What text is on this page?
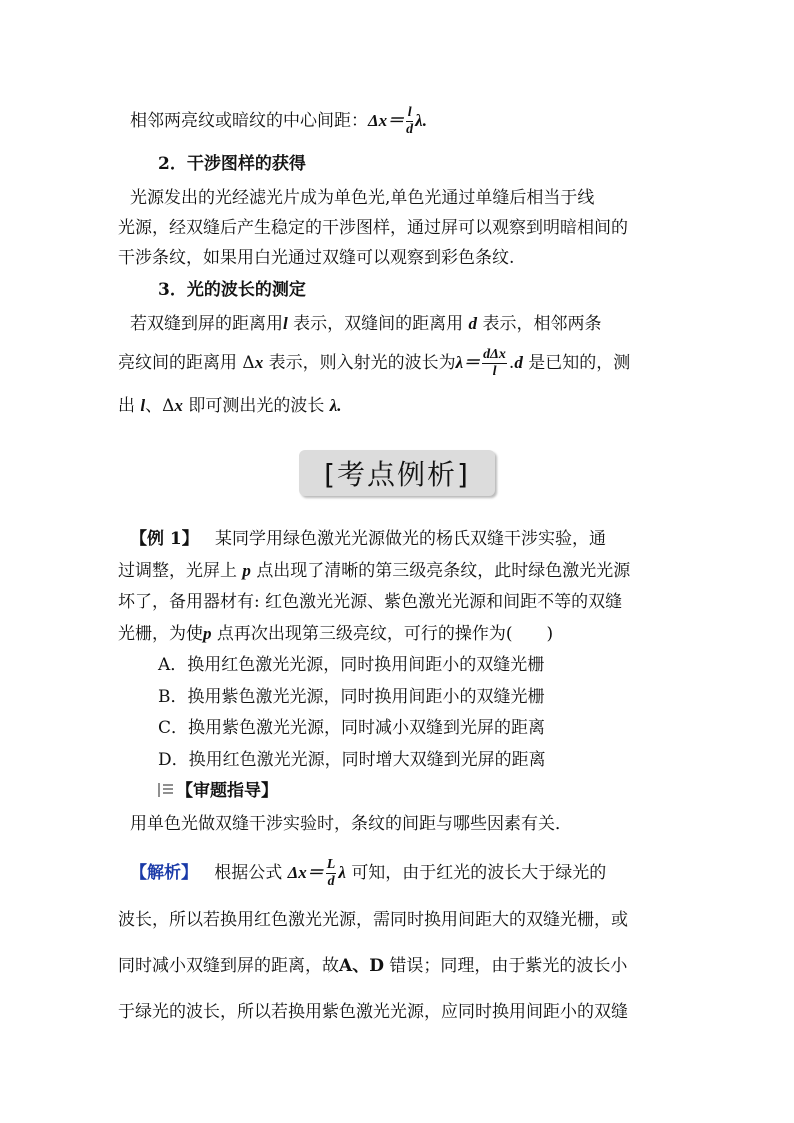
相邻两亮纹或暗纹的中心间距：$\Delta x= \frac{l}{d} \lambda$.
2．干涉图样的获得
光源发出的光经滤光片成为单色光,单色光通过单缝后相当于线
光源，经双缝后产生稳定的干涉图样，通过屏可以观察到明暗相间的
干涉条纹，如果用白光通过双缝可以观察到彩色条纹.
3．光的波长的测定
若双缝到屏的距离用l 表示，双缝间的距离用 d 表示，相邻两条
亮纹间的距离用 Δx 表示，则入射光的波长为$\lambda= \frac{\text{dΔx}}{l} .d$ 是已知的，测
出 l、Δx 即可测出光的波长 λ.
[考点例析]
【例 1】 某同学用绿色激光光源做光的杨氏双缝干涉实验，通
过调整，光屏上 p 点出现了清晰的第三级亮条纹，此时绿色激光光源
坏了，备用器材有: 红色激光光源、紫色激光光源和间距不等的双缝
光栅，为使p 点再次出现第三级亮纹，可行的操作为(　　)
A．换用红色激光光源，同时换用间距小的双缝光栅
B．换用紫色激光光源，同时换用间距小的双缝光栅
C．换用紫色激光光源，同时减小双缝到光屏的距离
D．换用红色激光光源，同时增大双缝到光屏的距离
【审题指导】
用单色光做双缝干涉实验时，条纹的间距与哪些因素有关．
【解析】 根据公式 $\Delta x= \frac{L}{d}$ λ 可知，由于红光的波长大于绿光的
波长，所以若换用红色激光光源，需同时换用间距大的双缝光栅，或
同时减小双缝到屏的距离，故A、D 错误；同理，由于紫光的波长小
于绿光的波长，所以若换用紫色激光光源，应同时换用间距小的双缝
